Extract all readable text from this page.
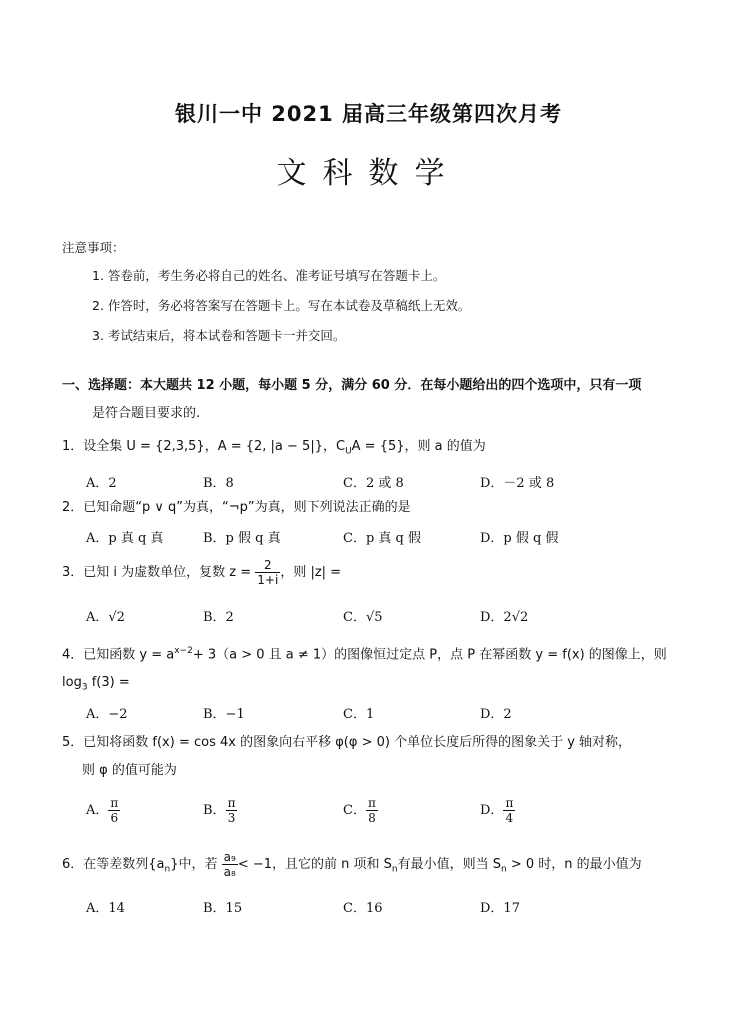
银川一中 2021 届高三年级第四次月考
文科数学
注意事项：
1. 答卷前，考生务必将自己的姓名、准考证号填写在答题卡上。
2. 作答时，务必将答案写在答题卡上。写在本试卷及草稿纸上无效。
3. 考试结束后，将本试卷和答题卡一并交回。
一、选择题：本大题共 12 小题，每小题 5 分，满分 60 分．在每小题给出的四个选项中，只有一项
是符合题目要求的.
1．设全集 U = {2,3,5}，A = {2, |a − 5|}，$C_UA = \{5\}$，则 a 的值为
A．2	B．8	C．2 或 8	D．－2 或 8
2．已知命题“p ∨ q”为真，“¬p”为真，则下列说法正确的是
A．p 真 q 真	B．p 假 q 真	C．p 真 q 假	D．p 假 q 假
3．已知 i 为虚数单位，复数 $z = \frac{2}{1+i}$ ，则 |z| =
A．√2	B．2	C．√5	D．2√2
4．已知函数 $y = a^{x-2}+ 3(a > 0$ 且 a ≠ 1）的图像恒过定点 P，点 P 在幂函数 y = f(x) 的图像上，则
$\log_3 f(3)$ =
A．−2	B．−1	C．1	D．2
5．已知将函数 f(x) = cos 4x 的图象向右平移 φ(φ > 0) 个单位长度后所得的图象关于 y 轴对称，
则 φ 的值可能为
A． $\frac{\pi}{6}$	B． $\frac{\pi}{3}$	C． $\frac{\pi}{8}$	D． $\frac{\pi}{4}$
6．在等差数列$\{a_n\}$中，若 $\frac{\text{a₉}}{\text{a₈}} < -1$，且它的前 n 项和 $S_n$有最小值，则当 $S_n > 0$ 时，n 的最小值为
A．14	B．15	C．16	D．17
